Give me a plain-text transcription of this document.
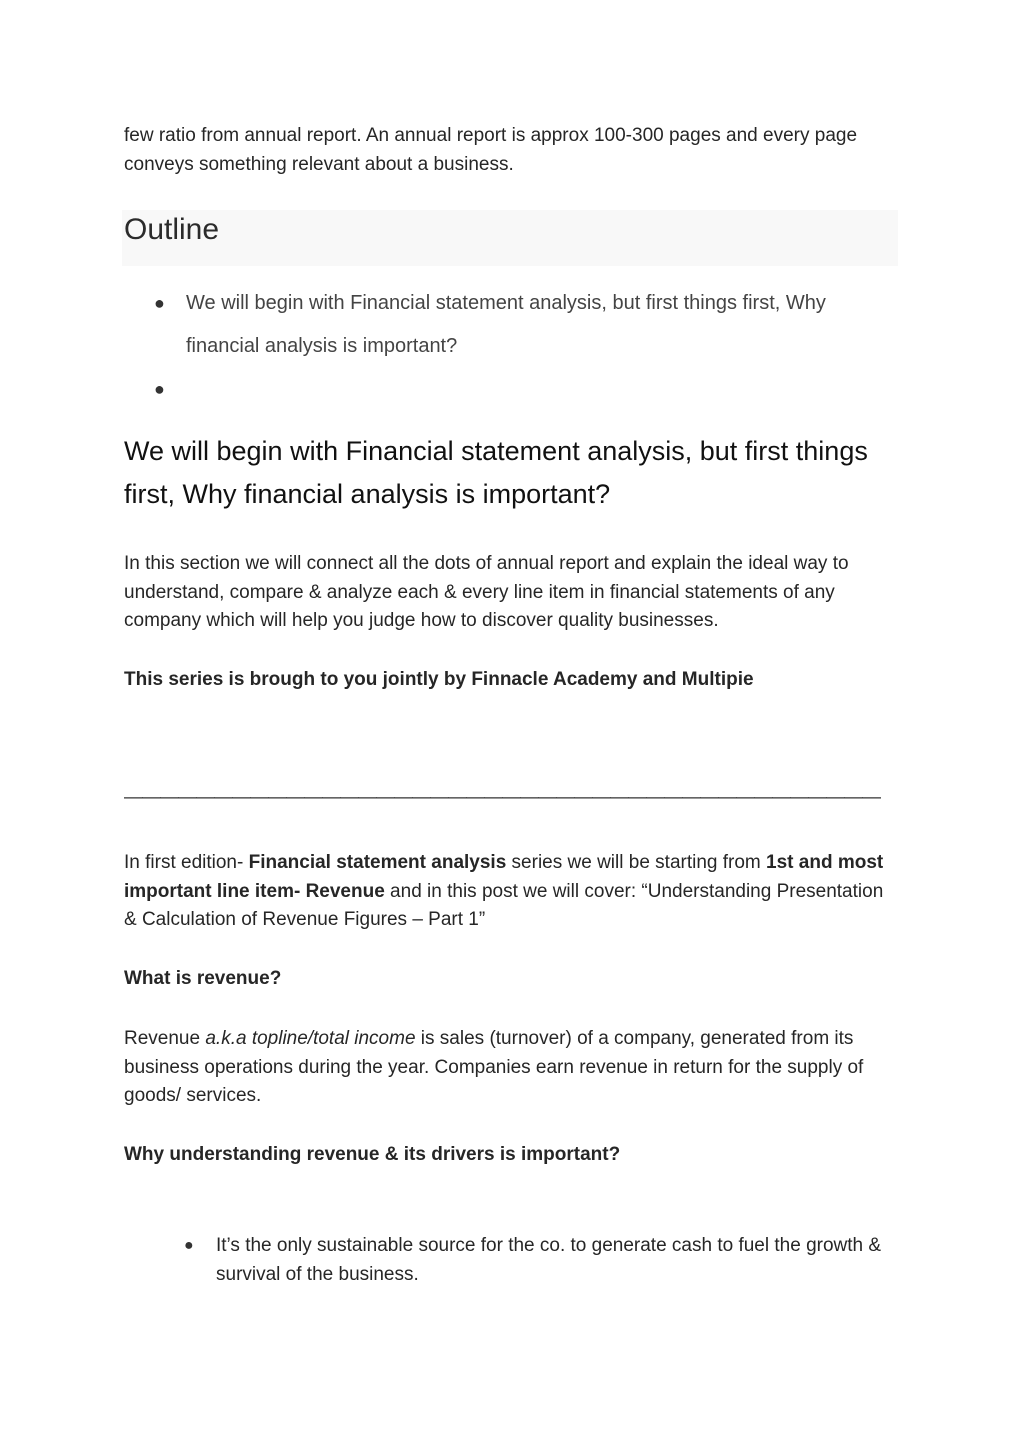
few ratio from annual report. An annual report is approx 100-300 pages and every page conveys something relevant about a business.

Outline
● We will begin with Financial statement analysis, but first things first, Why financial analysis is important?
●
We will begin with Financial statement analysis, but first things first, Why financial analysis is important?

In this section we will connect all the dots of annual report and explain the ideal way to understand, compare & analyze each & every line item in financial statements of any company which will help you judge how to discover quality businesses.

This series is brough to you jointly by Finnacle Academy and Multipie

——————————————————————————————————————————

In first edition- Financial statement analysis series we will be starting from 1st and most important line item- Revenue and in this post we will cover: “Understanding Presentation & Calculation of Revenue Figures – Part 1”

What is revenue?

Revenue a.k.a topline/total income is sales (turnover) of a company, generated from its business operations during the year. Companies earn revenue in return for the supply of goods/ services.

Why understanding revenue & its drivers is important?

● It’s the only sustainable source for the co. to generate cash to fuel the growth & survival of the business.
